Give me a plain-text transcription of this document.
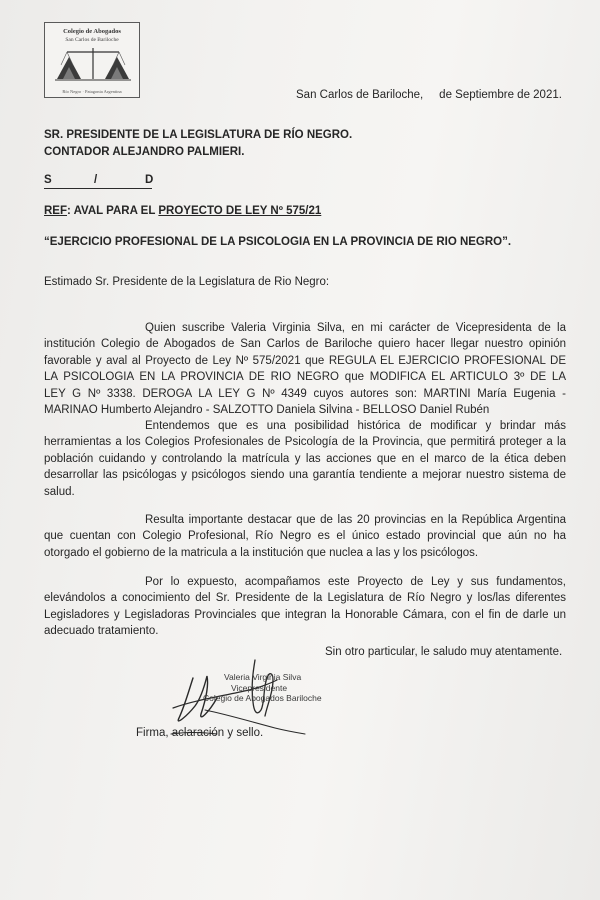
Colegio de Abogados
San Carlos de Bariloche
Río Negro · Patagonia Argentina	San Carlos de Bariloche,     de Septiembre de 2021.
SR. PRESIDENTE DE LA LEGISLATURA DE RÍO NEGRO.
CONTADOR ALEJANDRO PALMIERI.
S	/	D
REF: AVAL PARA EL PROYECTO DE LEY Nº 575/21
“EJERCICIO PROFESIONAL DE LA PSICOLOGIA EN LA PROVINCIA DE RIO NEGRO”.
Estimado Sr. Presidente de la Legislatura de Rio Negro:
Quien suscribe Valeria Virginia Silva, en mi carácter de Vicepresidenta de la
institución Colegio de Abogados de San Carlos de Bariloche quiero hacer llegar nuestro opinión
favorable y aval al Proyecto de Ley Nº 575/2021 que REGULA EL EJERCICIO PROFESIONAL DE
LA PSICOLOGIA EN LA PROVINCIA DE RIO NEGRO que MODIFICA EL ARTICULO 3º DE LA
LEY G Nº 3338. DEROGA LA LEY G Nº 4349 cuyos autores son: MARTINI María Eugenia -
MARINAO Humberto Alejandro - SALZOTTO Daniela Silvina - BELLOSO Daniel Rubén
Entendemos que es una posibilidad histórica de modificar y brindar más
herramientas a los Colegios Profesionales de Psicología de la Provincia, que permitirá proteger a la
población cuidando y controlando la matrícula y las acciones que en el marco de la ética deben
desarrollar las psicólogas y psicólogos siendo una garantía tendiente a mejorar nuestro sistema de
salud.
Resulta importante destacar que de las 20 provincias en la República Argentina
que cuentan con Colegio Profesional, Río Negro es el único estado provincial que aún no ha
otorgado el gobierno de la matricula a la institución que nuclea a las y los psicólogos.
Por lo expuesto, acompañamos este Proyecto de Ley y sus fundamentos,
elevándolos a conocimiento del Sr. Presidente de la Legislatura de Río Negro y los/las diferentes
Legisladores y Legisladoras Provinciales que integran la Honorable Cámara, con el fin de darle un
adecuado tratamiento.
Sin otro particular, le saludo muy atentamente.
Valeria Virginia Silva
Vicepresidente
Colegio de Abogados Bariloche
Firma, aclaración y sello.
